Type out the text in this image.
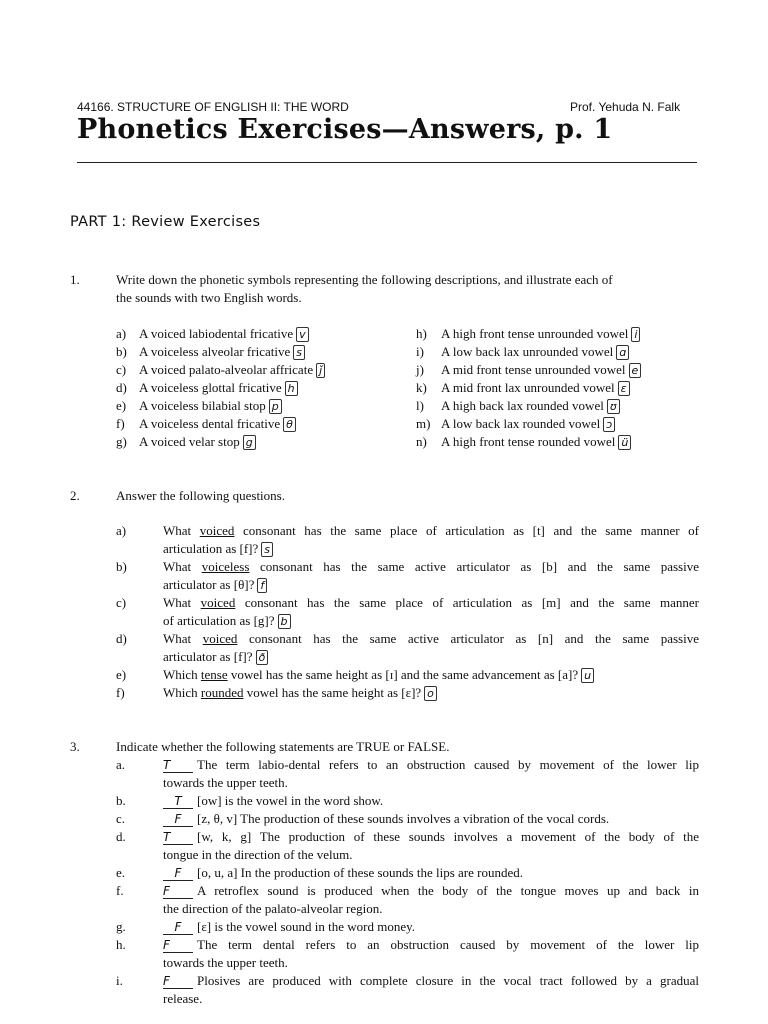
44166. STRUCTURE OF ENGLISH II: THE WORD	Prof. Yehuda N. Falk
Phonetics Exercises—Answers, p. 1
PART 1: Review Exercises
1.	Write down the phonetic symbols representing the following descriptions, and illustrate each of
the sounds with two English words.
a) A voiced labiodental fricative v
b) A voiceless alveolar fricative s
c) A voiced palato-alveolar affricate ǰ
d) A voiceless glottal fricative h
e) A voiceless bilabial stop p
f) A voiceless dental fricative θ
g) A voiced velar stop g
h) A high front tense unrounded vowel i
i) A low back lax unrounded vowel ɑ
j) A mid front tense unrounded vowel e
k) A mid front lax unrounded vowel ɛ
l) A high back lax rounded vowel ʊ
m) A low back lax rounded vowel ɔ
n) A high front tense rounded vowel ü
2.	Answer the following questions.
a)	What voiced consonant has the same place of articulation as [t] and the same manner of
articulation as [f]? s
b)	What voiceless consonant has the same active articulator as [b] and the same passive
articulator as [θ]? f
c)	What voiced consonant has the same place of articulation as [m] and the same manner
of articulation as [g]? b
d)	What voiced consonant has the same active articulator as [n] and the same passive
articulator as [f]? ð
e)	Which tense vowel has the same height as [ɪ] and the same advancement as [a]? u
f)	Which rounded vowel has the same height as [ɛ]? o
3.	Indicate whether the following statements are TRUE or FALSE.
a.	T The term labio-dental refers to an obstruction caused by movement of the lower lip
towards the upper teeth.
b.	T [ow] is the vowel in the word show.
c.	F [z, θ, v] The production of these sounds involves a vibration of the vocal cords.
d.	T [w, k, g] The production of these sounds involves a movement of the body of the
tongue in the direction of the velum.
e.	F [o, u, a] In the production of these sounds the lips are rounded.
f.	F A retroflex sound is produced when the body of the tongue moves up and back in
the direction of the palato-alveolar region.
g.	F [ɛ] is the vowel sound in the word money.
h.	F The term dental refers to an obstruction caused by movement of the lower lip
towards the upper teeth.
i.	F Plosives are produced with complete closure in the vocal tract followed by a gradual
release.
